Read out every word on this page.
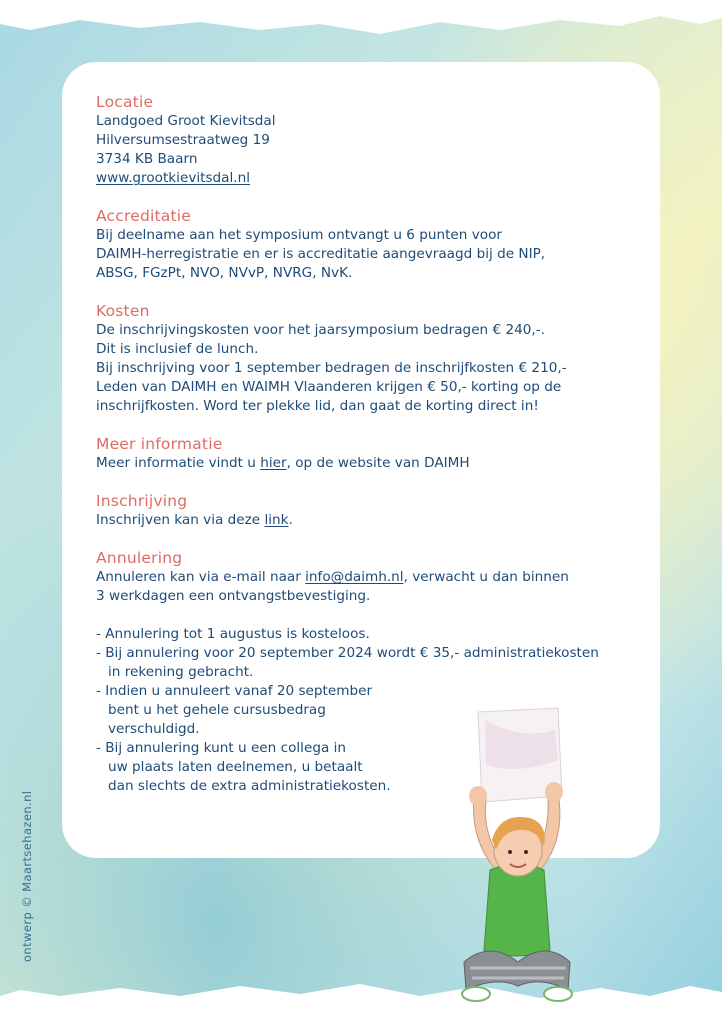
Locatie
Landgoed Groot Kievitsdal
Hilversumsestraatweg 19
3734 KB Baarn
www.grootkievitsdal.nl
Accreditatie
Bij deelname aan het symposium ontvangt u 6 punten voor
DAIMH-herregistratie en er is accreditatie aangevraagd bij de NIP,
ABSG, FGzPt, NVO, NVvP, NVRG, NvK.
Kosten
De inschrijvingskosten voor het jaarsymposium bedragen € 240,-.
Dit is inclusief de lunch.
Bij inschrijving voor 1 september bedragen de inschrijfkosten € 210,-
Leden van DAIMH en WAIMH Vlaanderen krijgen € 50,- korting op de
inschrijfkosten. Word ter plekke lid, dan gaat de korting direct in!
Meer informatie
Meer informatie vindt u hier, op de website van DAIMH
Inschrijving
Inschrijven kan via deze link.
Annulering
Annuleren kan via e-mail naar info@daimh.nl, verwacht u dan binnen
3 werkdagen een ontvangstbevestiging.
- Annulering tot 1 augustus is kosteloos.
- Bij annulering voor 20 september 2024 wordt € 35,- administratiekosten
in rekening gebracht.
- Indien u annuleert vanaf 20 september
bent u het gehele cursusbedrag
verschuldigd.
- Bij annulering kunt u een collega in
uw plaats laten deelnemen, u betaalt
dan slechts de extra administratiekosten.
ontwerp © Maartsehazen.nl
